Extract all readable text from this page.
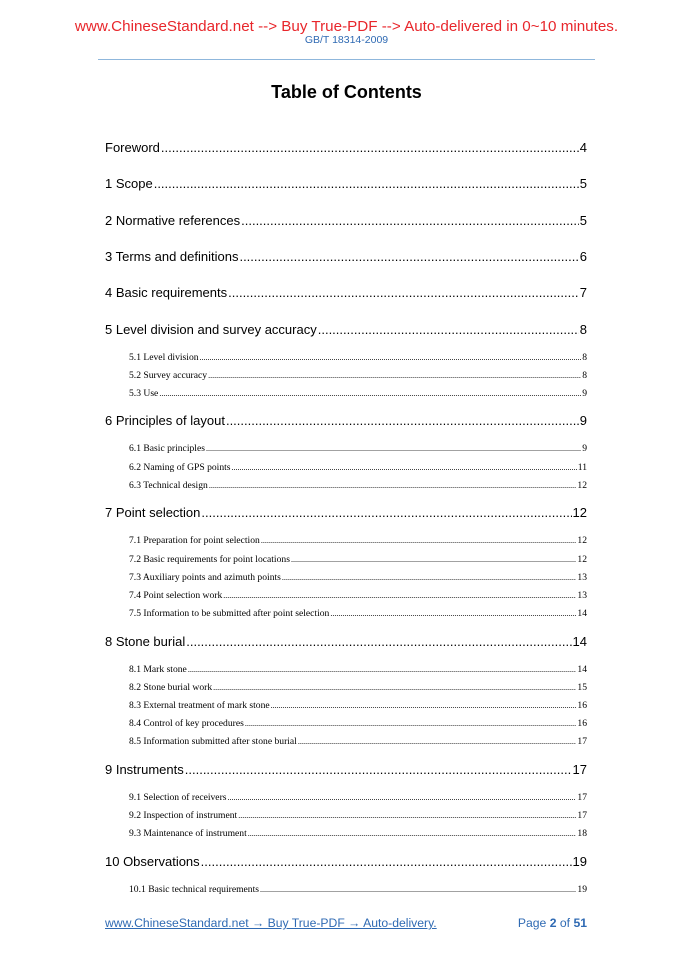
www.ChineseStandard.net --> Buy True-PDF --> Auto-delivered in 0~10 minutes.
GB/T 18314-2009
Table of Contents
Foreword .....	4
1 Scope .....	5
2 Normative references .....	5
3 Terms and definitions .....	6
4 Basic requirements .....	7
5 Level division and survey accuracy .....	8
5.1 Level division .....	8
5.2 Survey accuracy .....	8
5.3 Use .....	9
6 Principles of layout .....	9
6.1 Basic principles .....	9
6.2 Naming of GPS points .....	11
6.3 Technical design .....	12
7 Point selection .....	12
7.1 Preparation for point selection .....	12
7.2 Basic requirements for point locations .....	12
7.3 Auxiliary points and azimuth points .....	13
7.4 Point selection work .....	13
7.5 Information to be submitted after point selection .....	14
8 Stone burial .....	14
8.1 Mark stone .....	14
8.2 Stone burial work .....	15
8.3 External treatment of mark stone .....	16
8.4 Control of key procedures .....	16
8.5 Information submitted after stone burial .....	17
9 Instruments .....	17
9.1 Selection of receivers .....	17
9.2 Inspection of instrument .....	17
9.3 Maintenance of instrument .....	18
10 Observations .....	19
10.1 Basic technical requirements .....	19
www.ChineseStandard.net → Buy True-PDF → Auto-delivery.	Page 2 of 51
